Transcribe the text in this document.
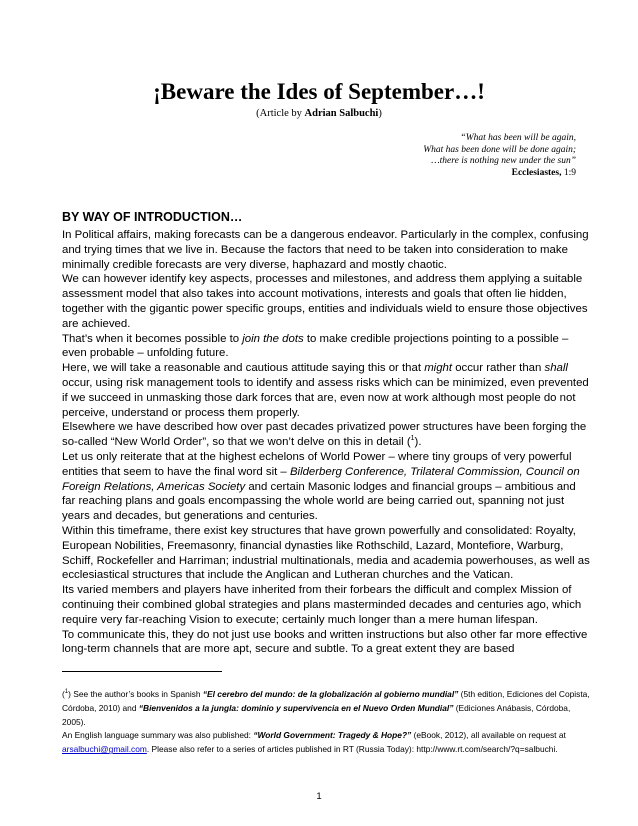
¡Beware the Ides of September…!
(Article by Adrian Salbuchi)
“What has been will be again,
What has been done will be done again;
…there is nothing new under the sun”
Ecclesiastes, 1:9
BY WAY OF INTRODUCTION…

In Political affairs, making forecasts can be a dangerous endeavor. Particularly in the complex, confusing and trying times that we live in. Because the factors that need to be taken into consideration to make minimally credible forecasts are very diverse, haphazard and mostly chaotic.

We can however identify key aspects, processes and milestones, and address them applying a suitable assessment model that also takes into account motivations, interests and goals that often lie hidden, together with the gigantic power specific groups, entities and individuals wield to ensure those objectives are achieved.

That’s when it becomes possible to join the dots to make credible projections pointing to a possible – even probable – unfolding future.

Here, we will take a reasonable and cautious attitude saying this or that might occur rather than shall occur, using risk management tools to identify and assess risks which can be minimized, even prevented if we succeed in unmasking those dark forces that are, even now at work although most people do not perceive, understand or process them properly.

Elsewhere we have described how over past decades privatized power structures have been forging the so-called “New World Order”, so that we won’t delve on this in detail ($^1$).

Let us only reiterate that at the highest echelons of World Power – where tiny groups of very powerful entities that seem to have the final word sit – Bilderberg Conference, Trilateral Commission, Council on Foreign Relations, Americas Society and certain Masonic lodges and financial groups – ambitious and far reaching plans and goals encompassing the whole world are being carried out, spanning not just years and decades, but generations and centuries.

Within this timeframe, there exist key structures that have grown powerfully and consolidated: Royalty, European Nobilities, Freemasonry, financial dynasties like Rothschild, Lazard, Montefiore, Warburg, Schiff, Rockefeller and Harriman; industrial multinationals, media and academia powerhouses, as well as ecclesiastical structures that include the Anglican and Lutheran churches and the Vatican.

Its varied members and players have inherited from their forbears the difficult and complex Mission of continuing their combined global strategies and plans masterminded decades and centuries ago, which require very far-reaching Vision to execute; certainly much longer than a mere human lifespan.

To communicate this, they do not just use books and written instructions but also other far more effective long-term channels that are more apt, secure and subtle. To a great extent they are based

($^1$) See the author’s books in Spanish “El cerebro del mundo: de la globalización al gobierno mundial” (5th edition, Ediciones del Copista, Córdoba, 2010) and “Bienvenidos a la jungla: dominio y supervivencia en el Nuevo Orden Mundial” (Ediciones Anábasis, Córdoba, 2005).

An English language summary was also published: “World Government: Tragedy & Hope?” (eBook, 2012), all available on request at arsalbuchi@gmail.com. Please also refer to a series of articles published in RT (Russia Today): http://www.rt.com/search/?q=salbuchi.

1
